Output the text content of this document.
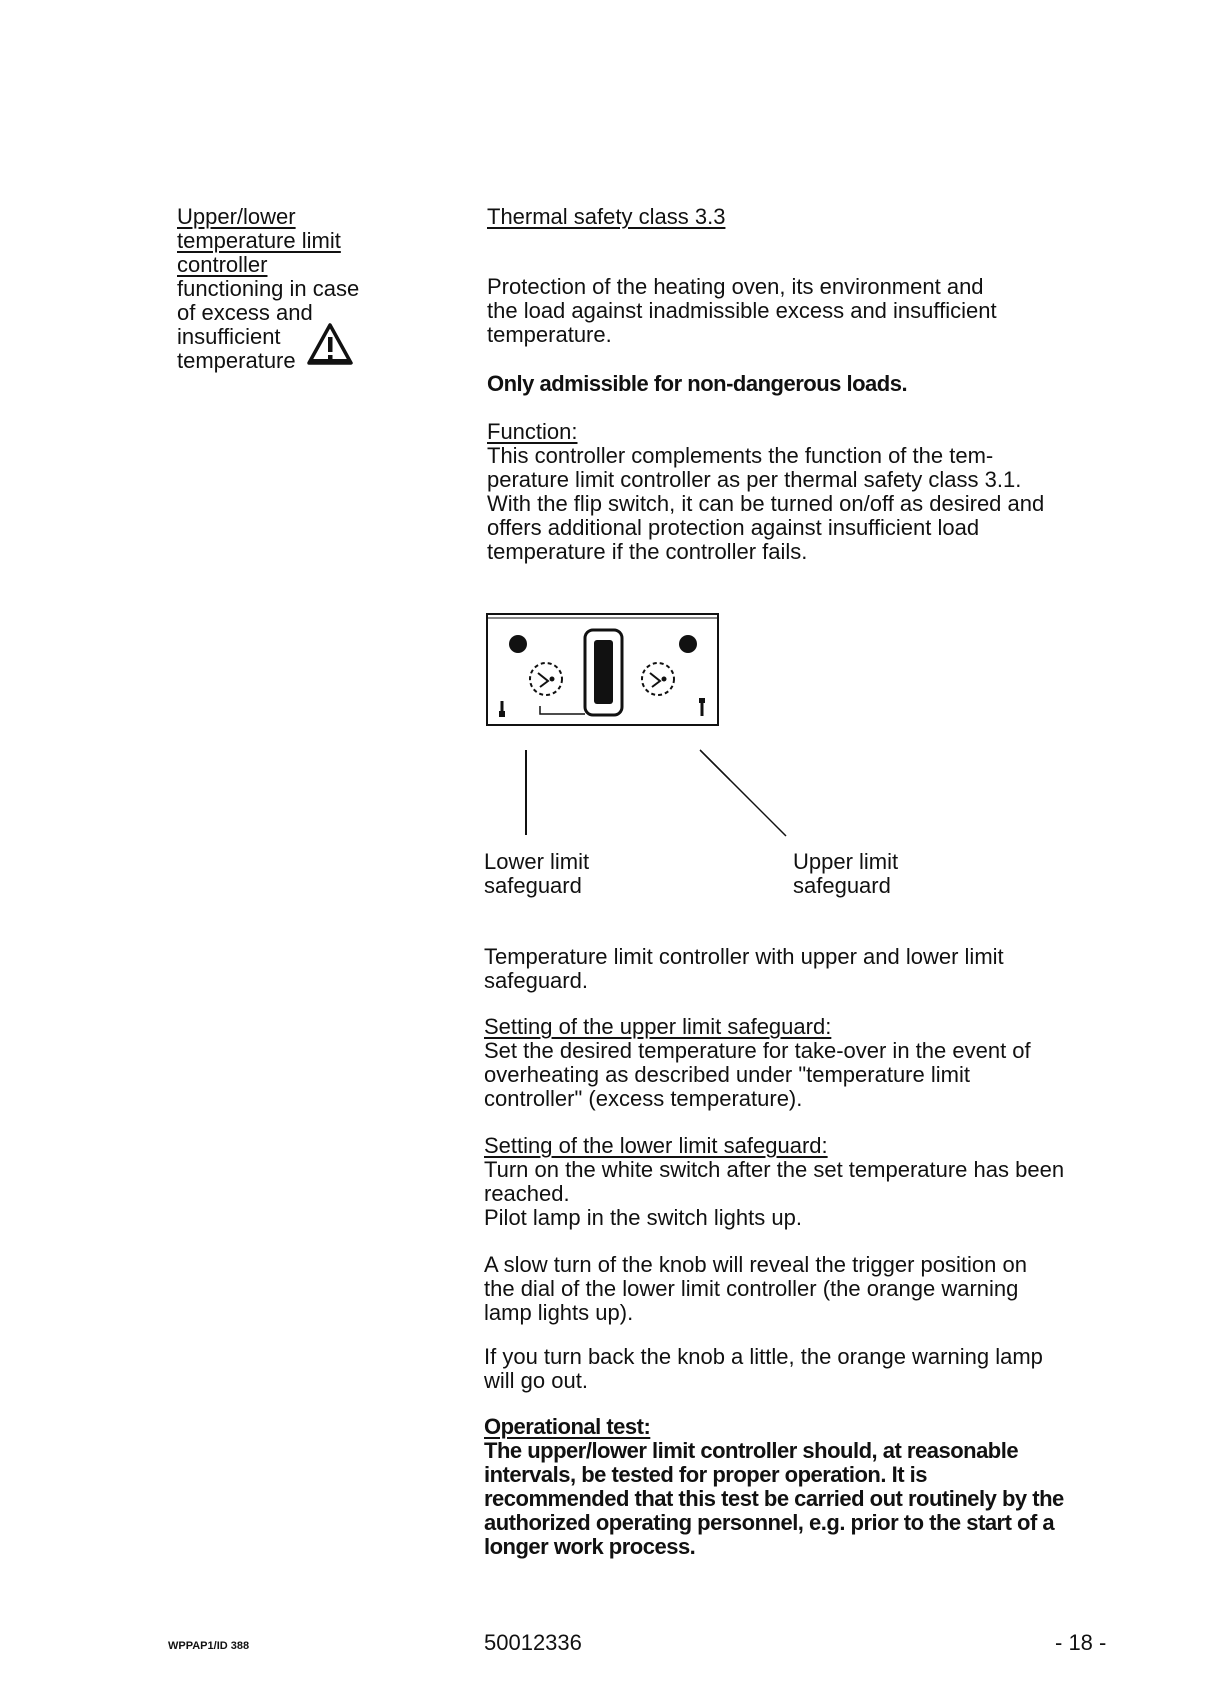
Upper/lower
temperature limit
controller
functioning in case
of excess and
insufficient
temperature
Thermal safety class 3.3

Protection of the heating oven, its environment and

the load against inadmissible excess and insufficient

temperature.

Only admissible for non-dangerous loads.

Function:

This controller complements the function of the tem-

perature limit controller as per thermal safety class 3.1.

With the flip switch, it can be turned on/off as desired and

offers additional protection against insufficient load

temperature if the controller fails.

Lower limit

safeguard

Upper limit

safeguard

Temperature limit controller with upper and lower limit

safeguard.

Setting of the upper limit safeguard:

Set the desired temperature for take-over in the event of

overheating as described under "temperature limit

controller" (excess temperature).

Setting of the lower limit safeguard:

Turn on the white switch after the set temperature has been

reached.

Pilot lamp in the switch lights up.

A slow turn of the knob will reveal the trigger position on

the dial of the lower limit controller (the orange warning

lamp lights up).

If you turn back the knob a little, the orange warning lamp

will go out.

Operational test:

The upper/lower limit controller should, at reasonable

intervals, be tested for proper operation. It is

recommended that this test be carried out routinely by the

authorized operating personnel, e.g. prior to the start of a

longer work process.

WPPAP1/ID 388	50012336	- 18 -
